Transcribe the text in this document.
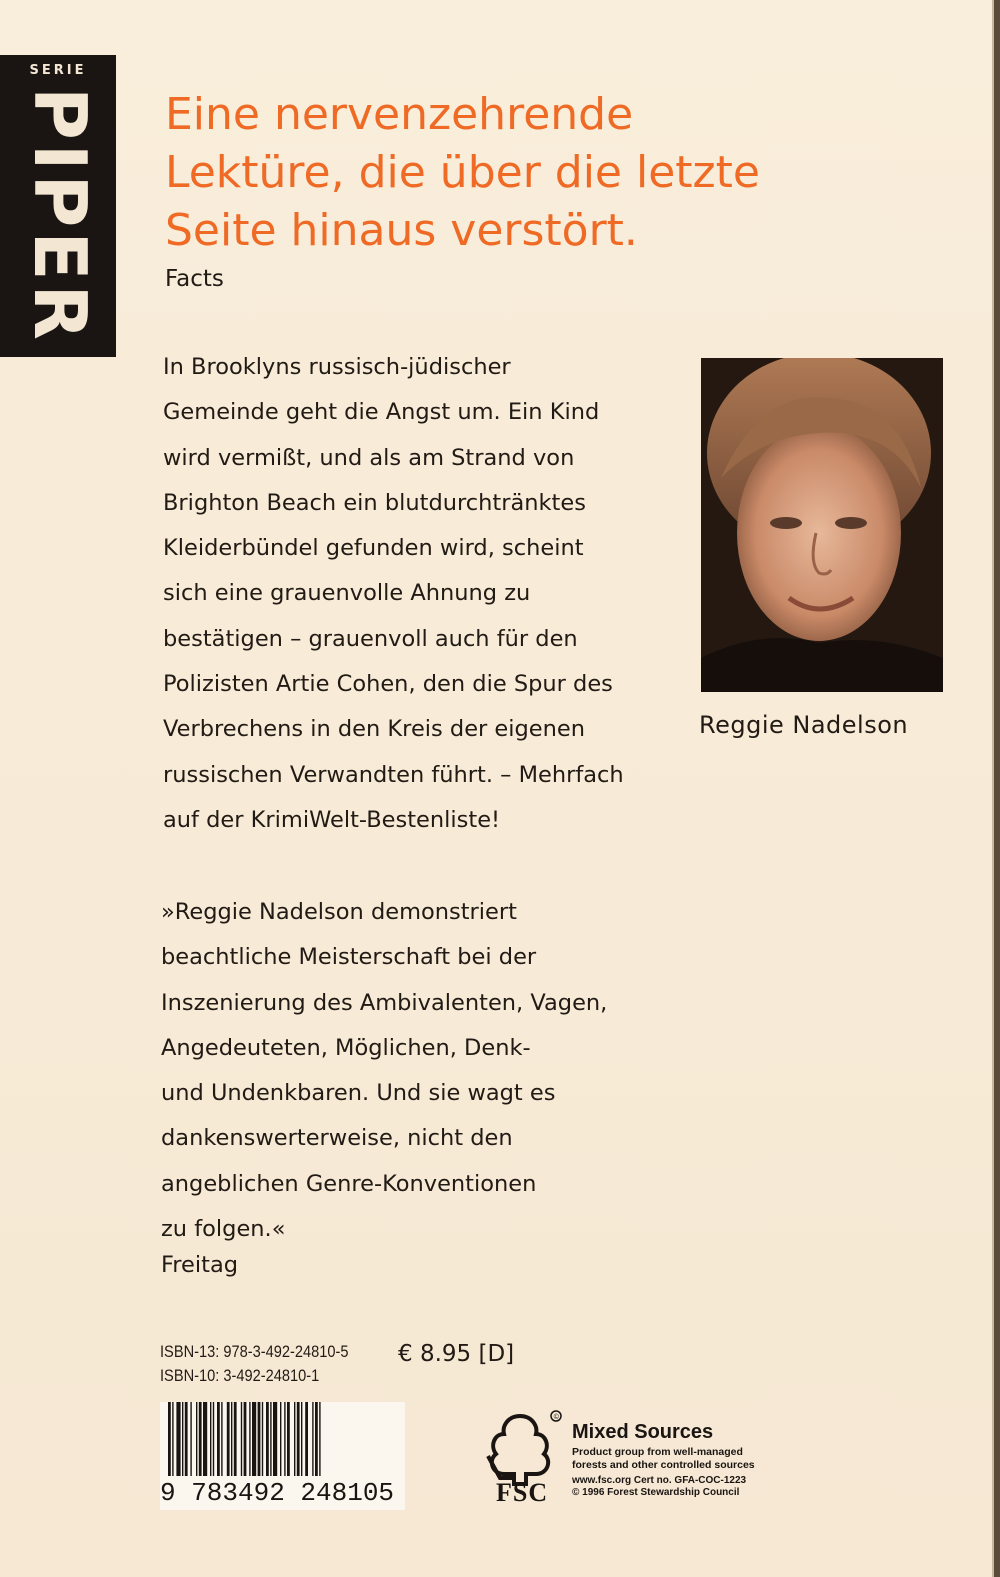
SERIE
PIPER Eine nervenzehrende
Lektüre, die über die letzte
Seite hinaus verstört.
Facts
In Brooklyns russisch-jüdischer
Gemeinde geht die Angst um. Ein Kind
wird vermißt, und als am Strand von
Brighton Beach ein blutdurchtränktes
Kleiderbündel gefunden wird, scheint
sich eine grauenvolle Ahnung zu
bestätigen – grauenvoll auch für den
Polizisten Artie Cohen, den die Spur des
Verbrechens in den Kreis der eigenen
russischen Verwandten führt. – Mehrfach
auf der KrimiWelt-Bestenliste!
Reggie Nadelson
»Reggie Nadelson demonstriert
beachtliche Meisterschaft bei der
Inszenierung des Ambivalenten, Vagen,
Angedeuteten, Möglichen, Denk-
und Undenkbaren. Und sie wagt es
dankenswerterweise, nicht den
angeblichen Genre-Konventionen
zu folgen.«
Freitag
ISBN-13: 978-3-492-24810-5
ISBN-10: 3-492-24810-1
€ 8.95 [D]
9 783492 248105
©
FSC
Mixed Sources
Product group from well-managed
forests and other controlled sources
www.fsc.org Cert no. GFA-COC-1223
© 1996 Forest Stewardship Council
